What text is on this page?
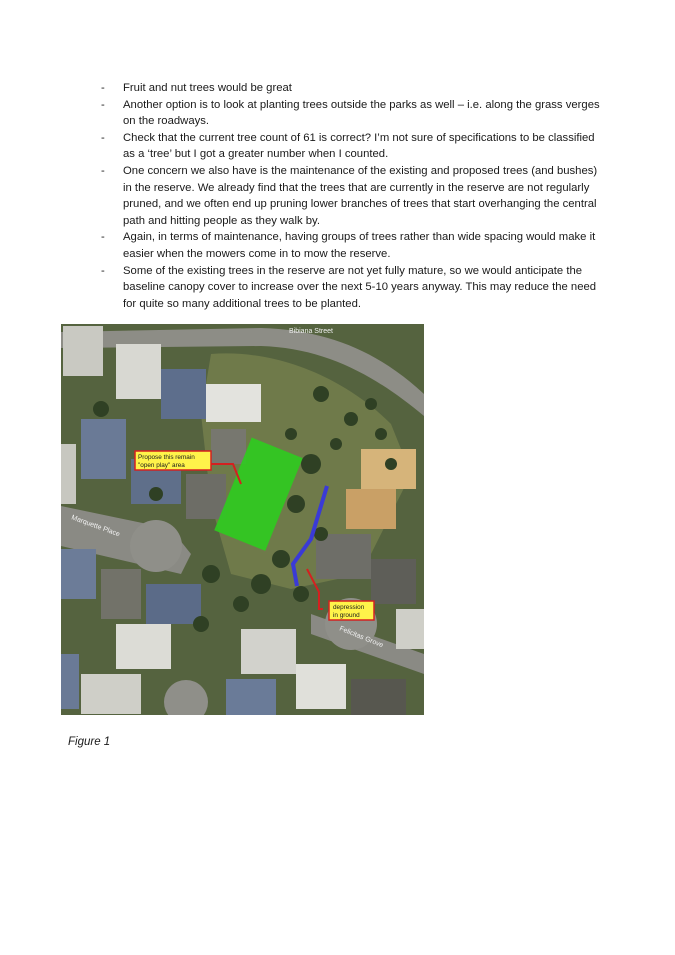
- Fruit and nut trees would be great
- Another option is to look at planting trees outside the parks as well – i.e. along the grass verges on the roadways.
- Check that the current tree count of 61 is correct? I’m not sure of specifications to be classified as a ‘tree’ but I got a greater number when I counted.
- One concern we also have is the maintenance of the existing and proposed trees (and bushes) in the reserve. We already find that the trees that are currently in the reserve are not regularly pruned, and we often end up pruning lower branches of trees that start overhanging the central path and hitting people as they walk by.
- Again, in terms of maintenance, having groups of trees rather than wide spacing would make it easier when the mowers come in to mow the reserve.
- Some of the existing trees in the reserve are not yet fully mature, so we would anticipate the baseline canopy cover to increase over the next 5-10 years anyway. This may reduce the need for quite so many additional trees to be planted.
Bibiana Street
Marquette Place
Felicitas Grove
Propose this remain
"open play" area
depression
in ground
Figure 1
